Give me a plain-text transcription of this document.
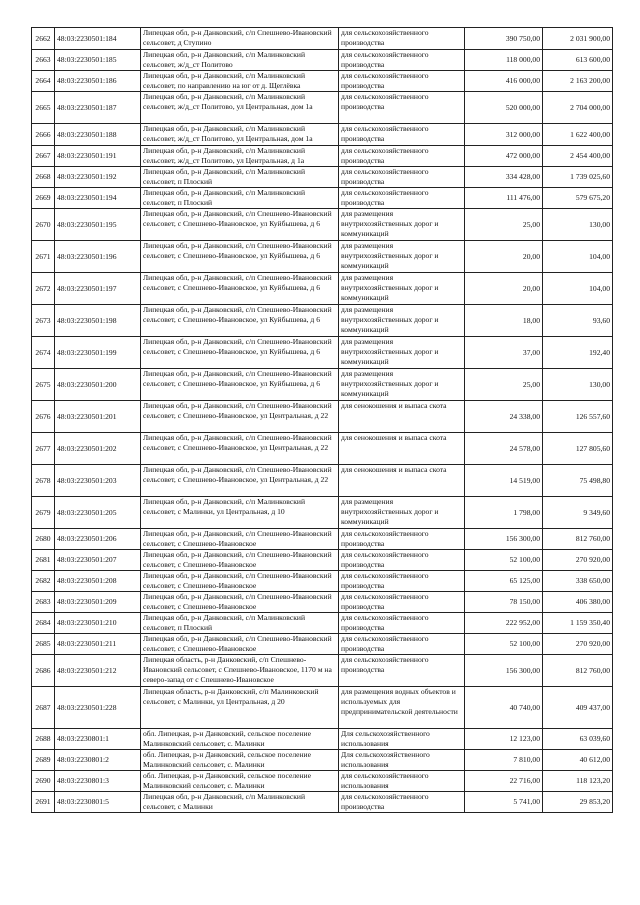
2662	48:03:2230501:184	Липецкая обл, р-н Данковский, с/п Спешнево-Ивановский сельсовет, д Ступино	для сельскохозяйственного производства	390 750,00	2 031 900,00
2663	48:03:2230501:185	Липецкая обл, р-н Данковский, с/п Малинковский сельсовет, ж/д_ст Политово	для сельскохозяйственного производства	118 000,00	613 600,00
2664	48:03:2230501:186	Липецкая обл, р-н Данковский, с/п Малинковский сельсовет, по направлению на юг от д. Щеглёвка	для сельскохозяйственного производства	416 000,00	2 163 200,00
2665	48:03:2230501:187	Липецкая обл, р-н Данковский, с/п Малинковский сельсовет, ж/д_ст Политово, ул Центральная, дом 1а	для сельскохозяйственного производства	520 000,00	2 704 000,00
2666	48:03:2230501:188	Липецкая обл, р-н Данковский, с/п Малинковский сельсовет, ж/д_ст Политово, ул Центральная, дом 1а	для сельскохозяйственного производства	312 000,00	1 622 400,00
2667	48:03:2230501:191	Липецкая обл, р-н Данковский, с/п Малинковский сельсовет, ж/д_ст Политово, ул Центральная, д 1а	для сельскохозяйственного производства	472 000,00	2 454 400,00
2668	48:03:2230501:192	Липецкая обл, р-н Данковский, с/п Малинковский сельсовет, п Плоский	для сельскохозяйственного производства	334 428,00	1 739 025,60
2669	48:03:2230501:194	Липецкая обл, р-н Данковский, с/п Малинковский сельсовет, п Плоский	для сельскохозяйственного производства	111 476,00	579 675,20
2670	48:03:2230501:195	Липецкая обл, р-н Данковский, с/п Спешнево-Ивановский сельсовет, с Спешнево-Ивановское, ул Куйбышева, д 6	для размещения внутрихозяйственных дорог и коммуникаций	25,00	130,00
2671	48:03:2230501:196	Липецкая обл, р-н Данковский, с/п Спешнево-Ивановский сельсовет, с Спешнево-Ивановское, ул Куйбышева, д 6	для размещения внутрихозяйственных дорог и коммуникаций	20,00	104,00
2672	48:03:2230501:197	Липецкая обл, р-н Данковский, с/п Спешнево-Ивановский сельсовет, с Спешнево-Ивановское, ул Куйбышева, д 6	для размещения внутрихозяйственных дорог и коммуникаций	20,00	104,00
2673	48:03:2230501:198	Липецкая обл, р-н Данковский, с/п Спешнево-Ивановский сельсовет, с Спешнево-Ивановское, ул Куйбышева, д 6	для размещения внутрихозяйственных дорог и коммуникаций	18,00	93,60
2674	48:03:2230501:199	Липецкая обл, р-н Данковский, с/п Спешнево-Ивановский сельсовет, с Спешнево-Ивановское, ул Куйбышева, д 6	для размещения внутрихозяйственных дорог и коммуникаций	37,00	192,40
2675	48:03:2230501:200	Липецкая обл, р-н Данковский, с/п Спешнево-Ивановский сельсовет, с Спешнево-Ивановское, ул Куйбышева, д 6	для размещения внутрихозяйственных дорог и коммуникаций	25,00	130,00
2676	48:03:2230501:201	Липецкая обл, р-н Данковский, с/п Спешнево-Ивановский сельсовет, с Спешнево-Ивановское, ул Центральная, д 22	для сенокошения и выпаса скота	24 338,00	126 557,60
2677	48:03:2230501:202	Липецкая обл, р-н Данковский, с/п Спешнево-Ивановский сельсовет, с Спешнево-Ивановское, ул Центральная, д 22	для сенокошения и выпаса скота	24 578,00	127 805,60
2678	48:03:2230501:203	Липецкая обл, р-н Данковский, с/п Спешнево-Ивановский сельсовет, с Спешнево-Ивановское, ул Центральная, д 22	для сенокошения и выпаса скота	14 519,00	75 498,80
2679	48:03:2230501:205	Липецкая обл, р-н Данковский, с/п Малинковский сельсовет, с Малинки, ул Центральная, д 10	для размещения внутрихозяйственных дорог и коммуникаций	1 798,00	9 349,60
2680	48:03:2230501:206	Липецкая обл, р-н Данковский, с/п Спешнево-Ивановский сельсовет, с Спешнево-Ивановское	для сельскохозяйственного производства	156 300,00	812 760,00
2681	48:03:2230501:207	Липецкая обл, р-н Данковский, с/п Спешнево-Ивановский сельсовет, с Спешнево-Ивановское	для сельскохозяйственного производства	52 100,00	270 920,00
2682	48:03:2230501:208	Липецкая обл, р-н Данковский, с/п Спешнево-Ивановский сельсовет, с Спешнево-Ивановское	для сельскохозяйственного производства	65 125,00	338 650,00
2683	48:03:2230501:209	Липецкая обл, р-н Данковский, с/п Спешнево-Ивановский сельсовет, с Спешнево-Ивановское	для сельскохозяйственного производства	78 150,00	406 380,00
2684	48:03:2230501:210	Липецкая обл, р-н Данковский, с/п Малинковский сельсовет, п Плоский	для сельскохозяйственного производства	222 952,00	1 159 350,40
2685	48:03:2230501:211	Липецкая обл, р-н Данковский, с/п Спешнево-Ивановский сельсовет, с Спешнево-Ивановское	для сельскохозяйственного производства	52 100,00	270 920,00
2686	48:03:2230501:212	Липецкая область, р-н Данковский, с/п Спешнево-Ивановский сельсовет, с Спешнево-Ивановское, 1170 м на северо-запад от с Спешнево-Ивановское	для сельскохозяйственного производства	156 300,00	812 760,00
2687	48:03:2230501:228	Липецкая область, р-н Данковский, с/п Малинковский сельсовет, с Малинки, ул Центральная, д 20	для размещения водных объектов и используемых для предпринимательской деятельности	40 740,00	409 437,00
2688	48:03:2230801:1	обл. Липецкая, р-н Данковский, сельское поселение Малинковский сельсовет, с. Малинки	Для сельскохозяйственного использования	12 123,00	63 039,60
2689	48:03:2230801:2	обл. Липецкая, р-н Данковский, сельское поселение Малинковский сельсовет, с. Малинки	Для сельскохозяйственного использования	7 810,00	40 612,00
2690	48:03:2230801:3	обл. Липецкая, р-н Данковский, сельское поселение Малинковский сельсовет, с. Малинки	для сельскохозяйственного использования	22 716,00	118 123,20
2691	48:03:2230801:5	Липецкая обл, р-н Данковский, с/п Малинковский сельсовет, с Малинки	для сельскохозяйственного производства	5 741,00	29 853,20
